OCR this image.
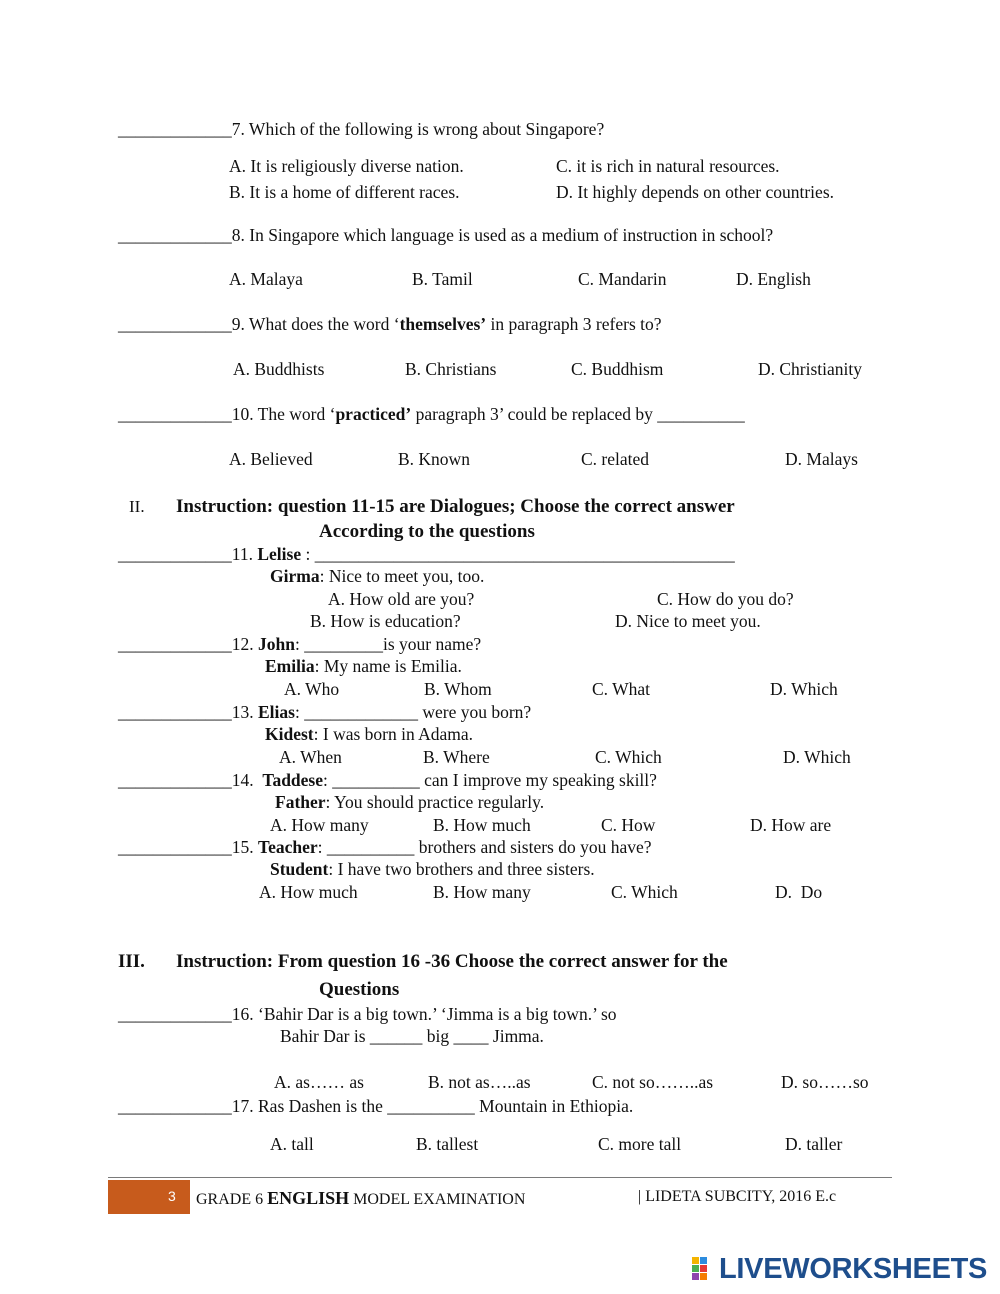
_____________7. Which of the following is wrong about Singapore?
A. It is religiously diverse nation.	C. it is rich in natural resources.
B. It is a home of different races.	D. It highly depends on other countries.
_____________8. In Singapore which language is used as a medium of instruction in school?
A. Malaya	B. Tamil	C. Mandarin	D. English
_____________9. What does the word ‘themselves’ in paragraph 3 refers to?
A. Buddhists	B. Christians	C. Buddhism	D. Christianity
_____________10. The word ‘practiced’ paragraph 3’ could be replaced by __________
A. Believed	B. Known	C. related	D. Malays
II. Instruction: question 11-15 are Dialogues; Choose the correct answer
According to the questions
_____________11. Lelise : ________________________________________________
Girma: Nice to meet you, too.
A. How old are you?	C. How do you do?
B. How is education?	D. Nice to meet you.
_____________12. John: _________is your name?
Emilia: My name is Emilia.
A. Who	B. Whom	C. What	D. Which
_____________13. Elias: _____________ were you born?
Kidest: I was born in Adama.
A. When	B. Where	C. Which	D. Which
_____________14.  Taddese: __________ can I improve my speaking skill?
Father: You should practice regularly.
A. How many	B. How much	C. How	D. How are
_____________15. Teacher: __________ brothers and sisters do you have?
Student: I have two brothers and three sisters.
A. How much	B. How many	C. Which	D.  Do
III. Instruction: From question 16 -36 Choose the correct answer for the
Questions
_____________16. ‘Bahir Dar is a big town.’ ‘Jimma is a big town.’ so
Bahir Dar is ______ big ____ Jimma.
A. as…… as	B. not as…..as	C. not so……..as	D. so……so
_____________17. Ras Dashen is the __________ Mountain in Ethiopia.
A. tall	B. tallest	C. more tall	D. taller
3 GRADE 6 ENGLISH MODEL EXAMINATION	| LIDETA SUBCITY, 2016 E.c
LIVEWORKSHEETS
